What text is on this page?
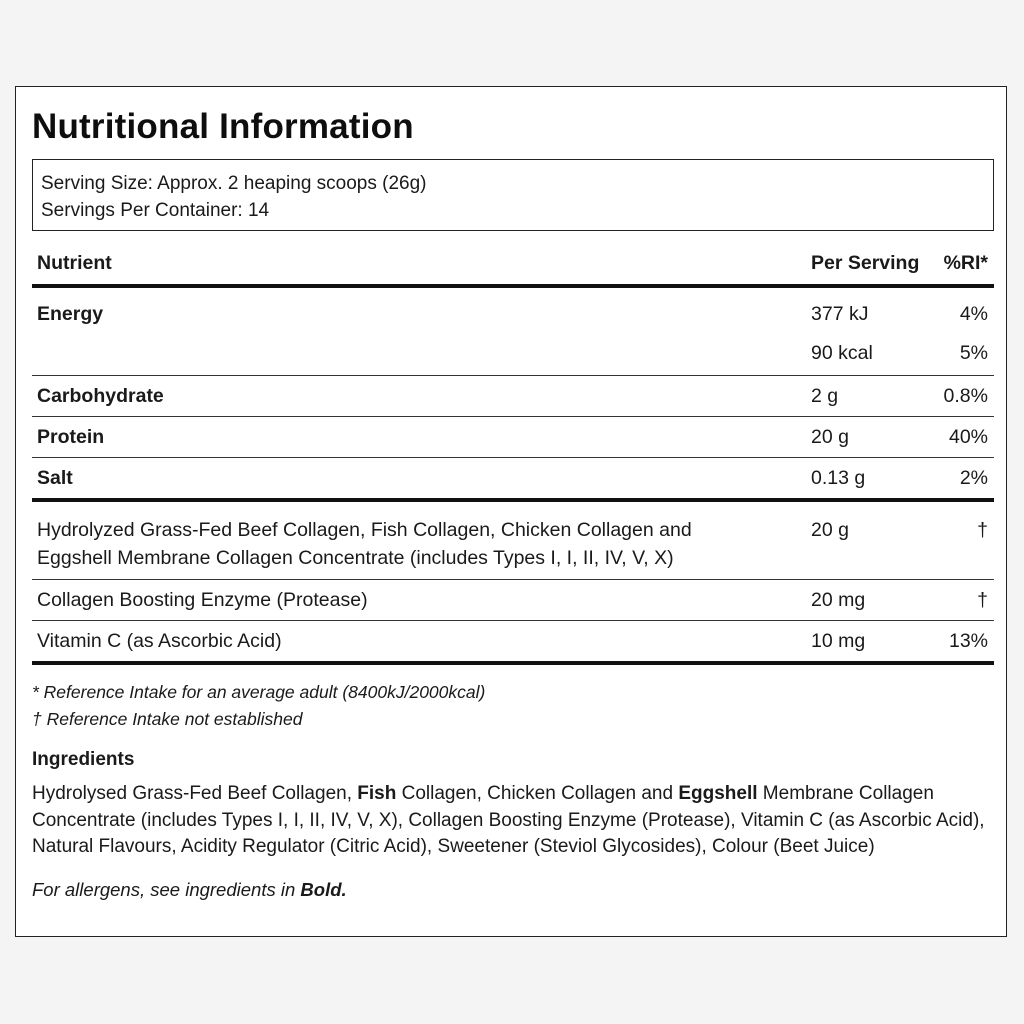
Nutritional Information
Serving Size: Approx. 2 heaping scoops (26g)
Servings Per Container: 14
Nutrient	Per Serving %RI*
Energy	377 kJ	4%
90 kcal	5%
Carbohydrate	2 g	0.8%
Protein	20 g	40%
Salt	0.13 g	2%
Hydrolyzed Grass-Fed Beef Collagen, Fish Collagen, Chicken Collagen and
Eggshell Membrane Collagen Concentrate (includes Types I, I, II, IV, V, X)
20 g	†
Collagen Boosting Enzyme (Protease)	20 mg	†
Vitamin C (as Ascorbic Acid)	10 mg	13%
* Reference Intake for an average adult (8400kJ/2000kcal)
† Reference Intake not established
Ingredients
Hydrolysed Grass-Fed Beef Collagen, Fish Collagen, Chicken Collagen and Eggshell Membrane Collagen Concentrate (includes Types I, I, II, IV, V, X), Collagen Boosting Enzyme (Protease), Vitamin C (as Ascorbic Acid), Natural Flavours, Acidity Regulator (Citric Acid), Sweetener (Steviol Glycosides), Colour (Beet Juice)
For allergens, see ingredients in Bold.
